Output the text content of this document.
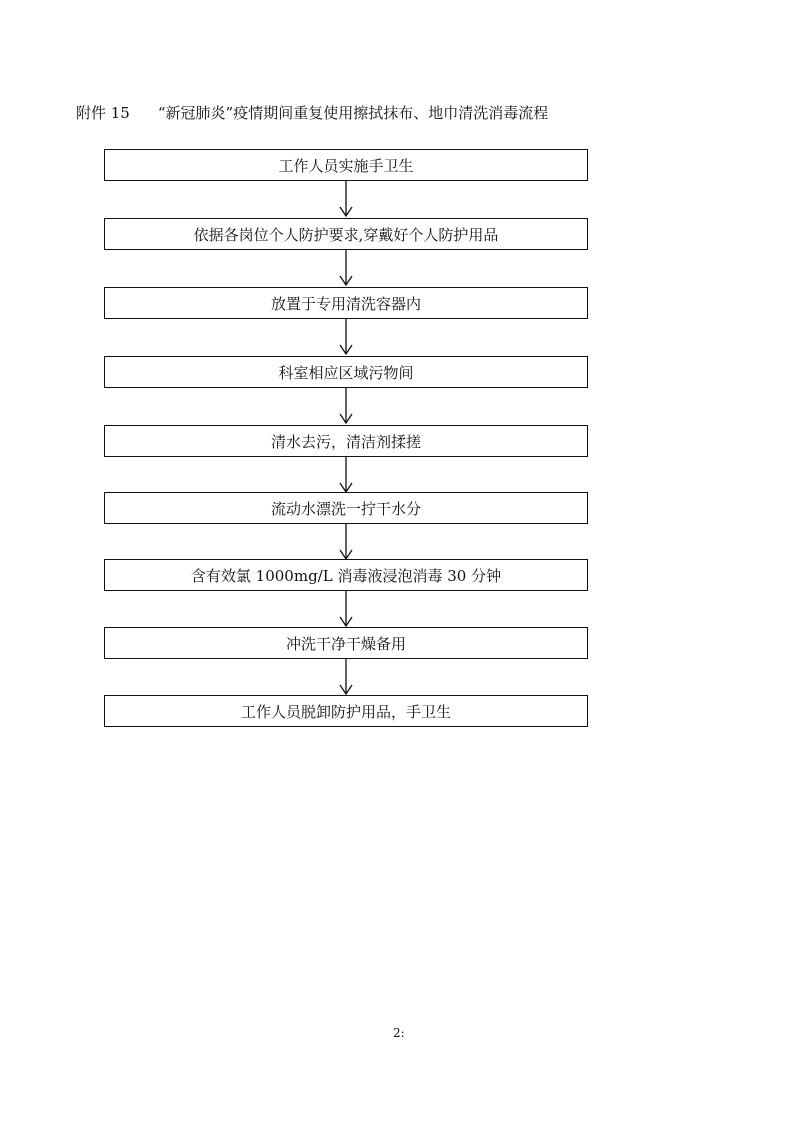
附件 15 “新冠肺炎”疫情期间重复使用擦拭抹布、地巾清洗消毒流程
工作人员实施手卫生
依据各岗位个人防护要求,穿戴好个人防护用品
放置于专用清洗容器内
科室相应区域污物间
清水去污，清洁剂揉搓
流动水漂洗一拧干水分
含有效氯 1000mg/L 消毒液浸泡消毒 30 分钟
冲洗干净干燥备用
工作人员脱卸防护用品，手卫生
2:
